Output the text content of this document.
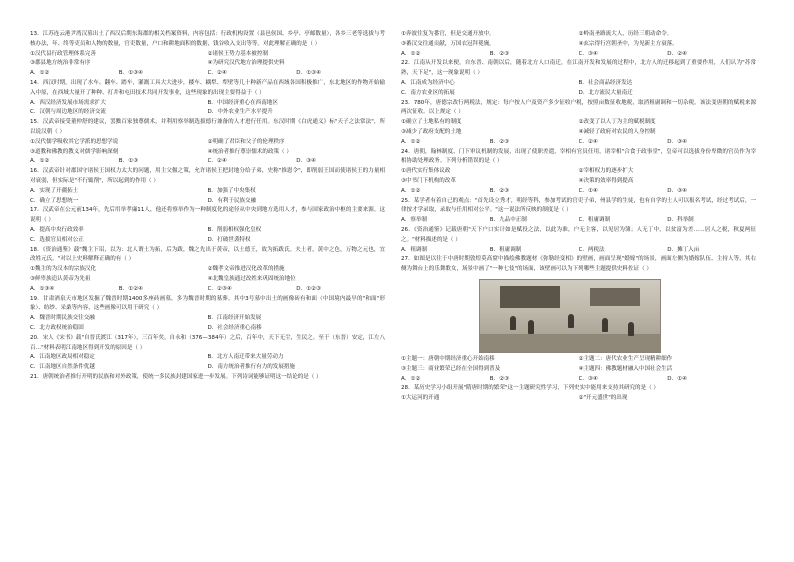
13．江苏连云港尹湾汉墓出土了西汉后期东海郡的相关档案资料，内容包括：行政机构设置（县邑侯国、乡亭、亭邮数量），各乡三老等选拔与考核办法，年、终等吏员和人物的数量，官吏数量，户口和耕地面积的数据，钱谷收入支出等等。对此理解正确的是（ ）
①汉代县行政管理体系完善	②诸侯王势力基本被控制
③郡县地方统治非常有序	④为研究汉代地方治理提供史料
A．①②	B．①③④	C．②④	D．①③④
14．西汉时期，出现了水车、翻车、踏车，灌溉工具大大进步，耧车、耦犁、犁壁等几十种新产品在西域各国积极推广，东北地区的作物开始输入中原，在西域大量开了种种、打井和屯田技术共同开发事业，这些现象的出现主要得益于（ ）
A．西汉经济发展市场需求扩大	B．中国经济重心在西南地区
C．汉朝与周边地区的经济交流	D．中外农业生产水平提升
15．汉武帝接受董仲舒的建议，罢黜百家独尊儒术，并利用察举制选拔德行兼备的人才进行任用。东汉时期《白虎通义》标"天子之法常法"，所以说汉朝（ ）
①汉代儒学吸收其它学派的思想学说	②明确了君臣和父子的伦理秩序
③道教和佛教的教义对儒学影响深刻	④统治者推行尊崇儒术的政策（ ）
A．①②	B．①③	C．②④	D．③④
16．汉武帝针对郡国守诸侯王国权力太大的问题，用主父偃之策，允许诸侯王把封地分给子弟，史称"推恩令"，即削弱王国而使诸侯王的力量相对衰弱，但实际是"不行辄削"，所以起到的作用（ ）
A．实现了开疆拓土	B．加强了中央集权
C．确立了思想统一	D．有利于民族交融
17．汉武帝在公元前134年，先后用举孝廉11人，他还将察举作为一种制度化的途径从中央到地方选用人才，参与国家政治中枢的主要来源。这说明（ ）
A．提高中央行政效率	B．削弱相权强化皇权
C．选拔官员相对公正	D．打破世袭特权
18．《资治通鉴》载"魏主下诏，以为：北人谓土为拓，后为跋，魏之先出于黄帝，以土德王，故为拓跋氏。夫土者，黄中之色，万物之元也，宜改姓元氏。"对以上史料解释正确的有（ ）
①魏主的为汉本的宗族汉化	②魏孝文帝推进汉化改革的措施
③鲜卑族追认黄帝为先祖	④北魏皇族通过改姓来巩固统治地位
A．①③④	B．①②④	C．②③④	D．①②③
19．甘肃酒泉天市地区发掘了魏晋时期1400多座砖画墓，多为魏晋时期的墓葬。其中3号墓中出土的画像砖有和面（中国境内最早的"和面"形象）、纺纱、采桑等内容，这些画像可以用于研究（ ）
A．魏晋时期民族交往交融	B．江南经济开始发展
C．北方政权统治稳固	D．社会经济重心南移
20．宋人《宋书》载"自晋氏渡江（317年），三百年矣。自永和（376—384年）之后，百年中，天下无尘，生民之。至于（东晋）安定，江左八百…"材料表明江南地区得到开发的原因是（ ）
A．江南地区政局相对稳定	B．北方人南迁带来大量劳动力
C．江南地区自然条件优越	D．南方统治者推行有力的发展措施
21．唐朝统治者推行开明的民族和对外政策，使统一多民族封建国家进一步发展。下列诗词能够证明这一结论的是（ ）
①奔波往复为番官，但是交通开放中。	②岭南圣路流大人，历经三朝动命令。
③蕃汉交往通贡献，万国衣冠拜冕旒。	④玄宗得行宫朝圣中，为见新主方衰落。
A．①②	B．②③	C．③④	D．②④
22．江南从开发以来便，自东晋、南朝以后，随着北方人口南迁，在江南开发和发展的过程中，北方人的迁移起到了重要作用，人们认为"苏常熟，天下足"，这一现象说明（ ）
A．江南成为经济中心	B．社会商品经济发达
C．南方农业区的拓展	D．北方流民大量南迁
23．780年，唐德宗改行两税法，规定：每户按人户及资产多少征收户税，按照亩数征收地税，取消租庸调和一切杂税。该法变唐朝的赋税来源两次征收。以上规定（ ）
①确立了土地私有的制度	②改变了以人丁为主的赋税制度
③减少了政府支配的土地	④减轻了政府对农民的人身控制
A．①②	B．②③	C．②④	D．③④
24．唐朝，翰林制度、门下审议机制的发展，出现了使职差遣，宰相有官员任用，诸宰相"合食于政事堂"，皇帝可以选拔身份卑微的官员作为宰相协助处理政务。下列分析错误的是（ ）
①唐代实行集体议政	②宰相权力的逐步扩大
③中书门下机构的改革	④决策的效率得到提高
A．①②	B．②③	C．①④	D．③④
25．某学者有着自己的观点："首先设立秀才，明经等科，参加考试的官吏子弟，州县学的生徒，也有自学的士人可以报名考试，经过考试后，一律按才学录取，录取与任用相对公平。"这一说法所反映的制度是（ ）
A．察举制	B．九品中正制	C．租庸调制	D．科举制
26．《资治通鉴》记载唐朝"天下户口实计如是赋役之法，以此为准，户无主客，以见居为簿；人无丁中，以贫富为差……居人之税，秋夏两征之。"材料描述的是（ ）
A．租调制	B．租庸调制	C．两税法	D．摊丁入亩
27．如图是以往于中唐时期敦煌莫高窟中描绘佛教题材《弥勒经变相》的壁画，画面呈现"婚嫁"的场景，画面左侧为婚嫁队伍、主持人等，其右侧为舞台上的乐舞歌女，场景中画了"一种七伎"的场面，该壁画可以为下列哪些主题提供史料佐证（ ）
①主题一：唐朝中期经济重心开始南移	②主题二：唐代农业生产呈现精耕细作
③主题三：商业繁荣已经在全国得到普及	④主题四：佛教题材融入中国社会生活
A．①②	B．②③	C．③④	D．①④
28．某历史学习小组开展"隋唐时期的繁荣"这一主题研究性学习，下列史实中能用来支持其研究的是（ ）
①大运河的开通	②"开元盛世"的出现
